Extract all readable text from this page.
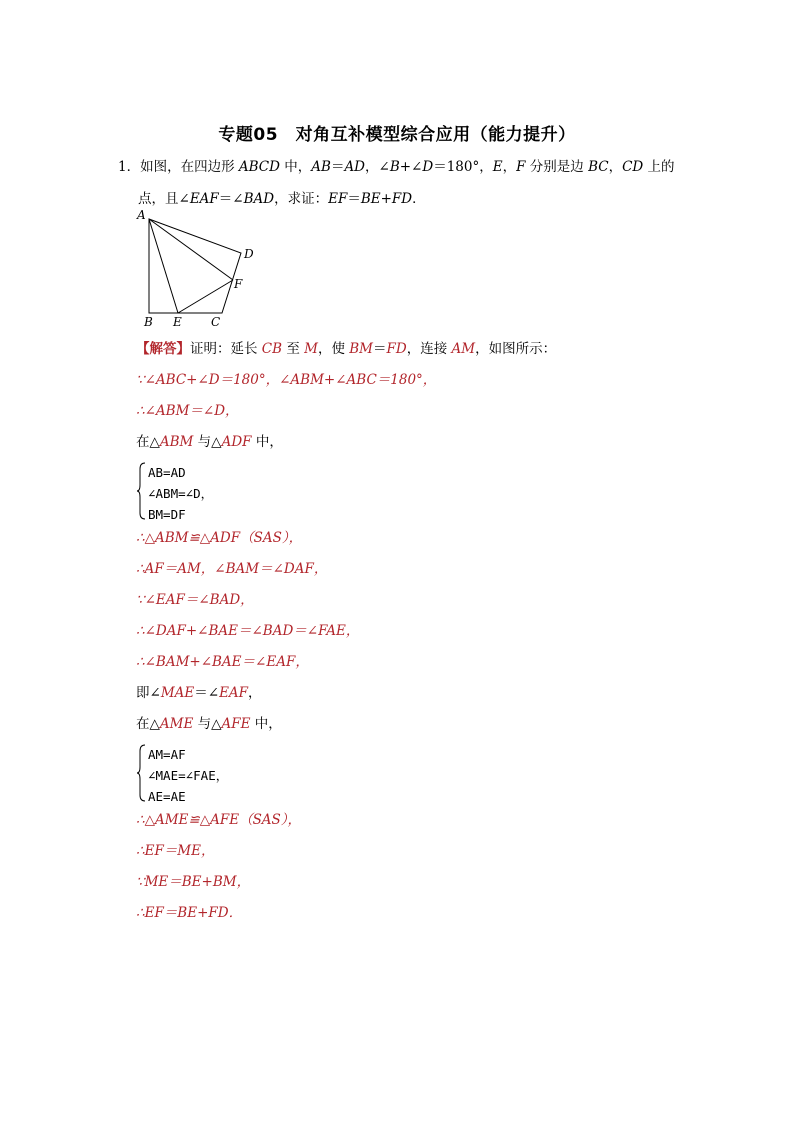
专题05　对角互补模型综合应用（能力提升）
1．如图，在四边形 ABCD 中，AB＝AD，∠B+∠D＝180°，E，F 分别是边 BC，CD 上的
点，且∠EAF＝∠BAD，求证：EF＝BE+FD．
A
B E C
D
F
【解答】证明：延长 CB 至 M，使 BM＝FD，连接 AM，如图所示：
∵∠ABC+∠D＝180°，∠ABM+∠ABC＝180°，
∴∠ABM＝∠D，
在△ABM 与△ADF 中，
AB=AD
∠ABM=∠D，
BM=DF
∴△ABM≌△ADF（SAS），
∴AF＝AM，∠BAM＝∠DAF，
∵∠EAF＝∠BAD，
∴∠DAF+∠BAE＝∠BAD＝∠FAE，
∴∠BAM+∠BAE＝∠EAF，
即∠MAE＝∠EAF，
在△AME 与△AFE 中，
AM=AF
∠MAE=∠FAE，
AE=AE
∴△AME≌△AFE（SAS），
∴EF＝ME，
∵ME＝BE+BM，
∴EF＝BE+FD．
